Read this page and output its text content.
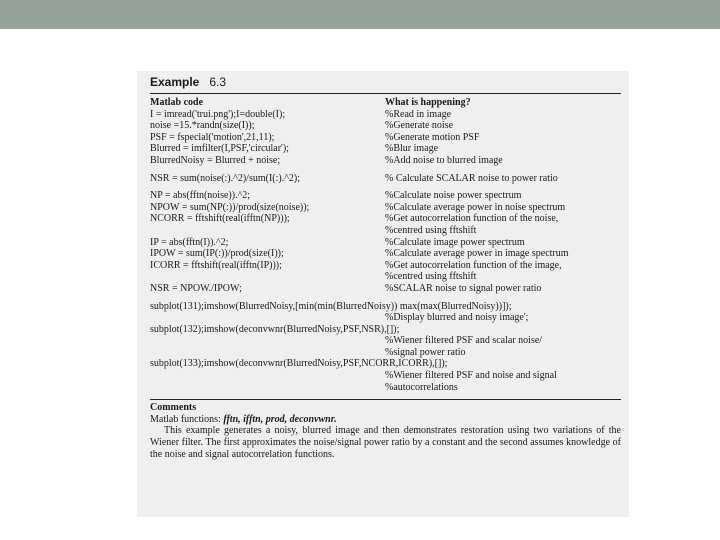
Example 6.3
Matlab code	What is happening?
I = imread('trui.png');I=double(I);	%Read in image
noise =15.*randn(size(I));	%Generate noise
PSF = fspecial('motion',21,11);	%Generate motion PSF
Blurred = imfilter(I,PSF,'circular');	%Blur image
BlurredNoisy = Blurred + noise;	%Add noise to blurred image
NSR = sum(noise(:).^2)/sum(I(:).^2);	% Calculate SCALAR noise to power ratio
NP = abs(fftn(noise)).^2;	%Calculate noise power spectrum
NPOW = sum(NP(:))/prod(size(noise));	%Calculate average power in noise spectrum
NCORR = fftshift(real(ifftn(NP)));	%Get autocorrelation function of the noise,
%centred using fftshift
IP = abs(fftn(I)).^2;	%Calculate image power spectrum
IPOW = sum(IP(:))/prod(size(I));	%Calculate average power in image spectrum
ICORR = fftshift(real(ifftn(IP)));	%Get autocorrelation function of the image,
%centred using fftshift
NSR = NPOW./IPOW;	%SCALAR noise to signal power ratio
subplot(131);imshow(BlurredNoisy,[min(min(BlurredNoisy)) max(max(BlurredNoisy))]);
%Display blurred and noisy image';
subplot(132);imshow(deconvwnr(BlurredNoisy,PSF,NSR),[]);
%Wiener filtered PSF and scalar noise/
%signal power ratio
subplot(133);imshow(deconvwnr(BlurredNoisy,PSF,NCORR,ICORR),[]);
%Wiener filtered PSF and noise and signal
%autocorrelations
Comments
Matlab functions: fftn, ifftn, prod, deconvwnr.
This example generates a noisy, blurred image and then demonstrates restoration using two variations of the Wiener filter. The first approximates the noise/signal power ratio by a constant and the second assumes knowledge of the noise and signal autocorrelation functions.
